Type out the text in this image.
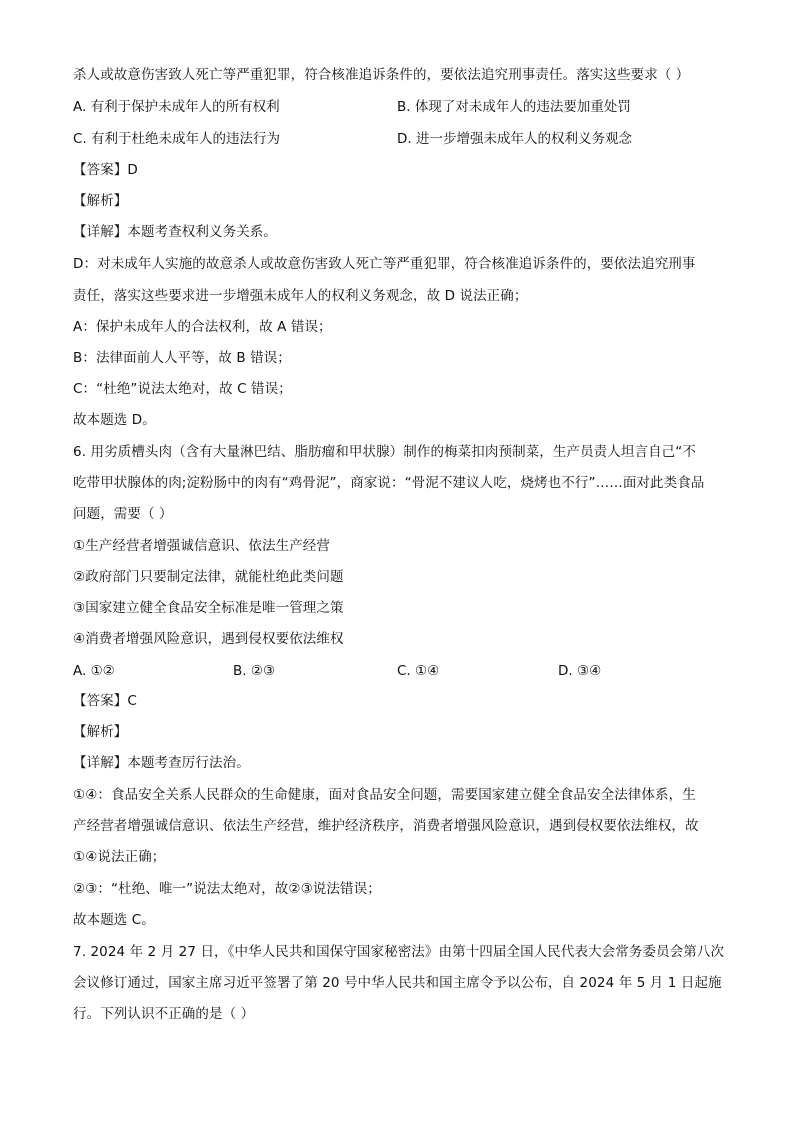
杀人或故意伤害致人死亡等严重犯罪，符合核准追诉条件的，要依法追究刑事责任。落实这些要求（ ）
A. 有利于保护未成年人的所有权利	B. 体现了对未成年人的违法要加重处罚
C. 有利于杜绝未成年人的违法行为	D. 进一步增强未成年人的权利义务观念
【答案】D
【解析】
【详解】本题考查权利义务关系。
D：对未成年人实施的故意杀人或故意伤害致人死亡等严重犯罪，符合核准追诉条件的，要依法追究刑事
责任，落实这些要求进一步增强未成年人的权利义务观念，故 D 说法正确；
A：保护未成年人的合法权利，故 A 错误；
B：法律面前人人平等，故 B 错误；
C：“杜绝”说法太绝对，故 C 错误；
故本题选 D。
6. 用劣质槽头肉（含有大量淋巴结、脂肪瘤和甲状腺）制作的梅菜扣肉预制菜，生产员责人坦言自己“不
吃带甲状腺体的肉;淀粉肠中的肉有“鸡骨泥”，商家说：“骨泥不建议人吃，烧烤也不行”……面对此类食品
问题，需要（ ）
①生产经营者增强诚信意识、依法生产经营
②政府部门只要制定法律，就能杜绝此类问题
③国家建立健全食品安全标准是唯一管理之策
④消费者增强风险意识，遇到侵权要依法维权
A. ①②	B. ②③	C. ①④	D. ③④
【答案】C
【解析】
【详解】本题考查厉行法治。
①④：食品安全关系人民群众的生命健康，面对食品安全问题，需要国家建立健全食品安全法律体系，生
产经营者增强诚信意识、依法生产经营，维护经济秩序，消费者增强风险意识，遇到侵权要依法维权，故
①④说法正确；
②③：“杜绝、唯一”说法太绝对，故②③说法错误；
故本题选 C。
7. 2024 年 2 月 27 日，《中华人民共和国保守国家秘密法》由第十四届全国人民代表大会常务委员会第八次
会议修订通过，国家主席习近平签署了第 20 号中华人民共和国主席令予以公布，自 2024 年 5 月 1 日起施
行。下列认识不正确的是（ ）
